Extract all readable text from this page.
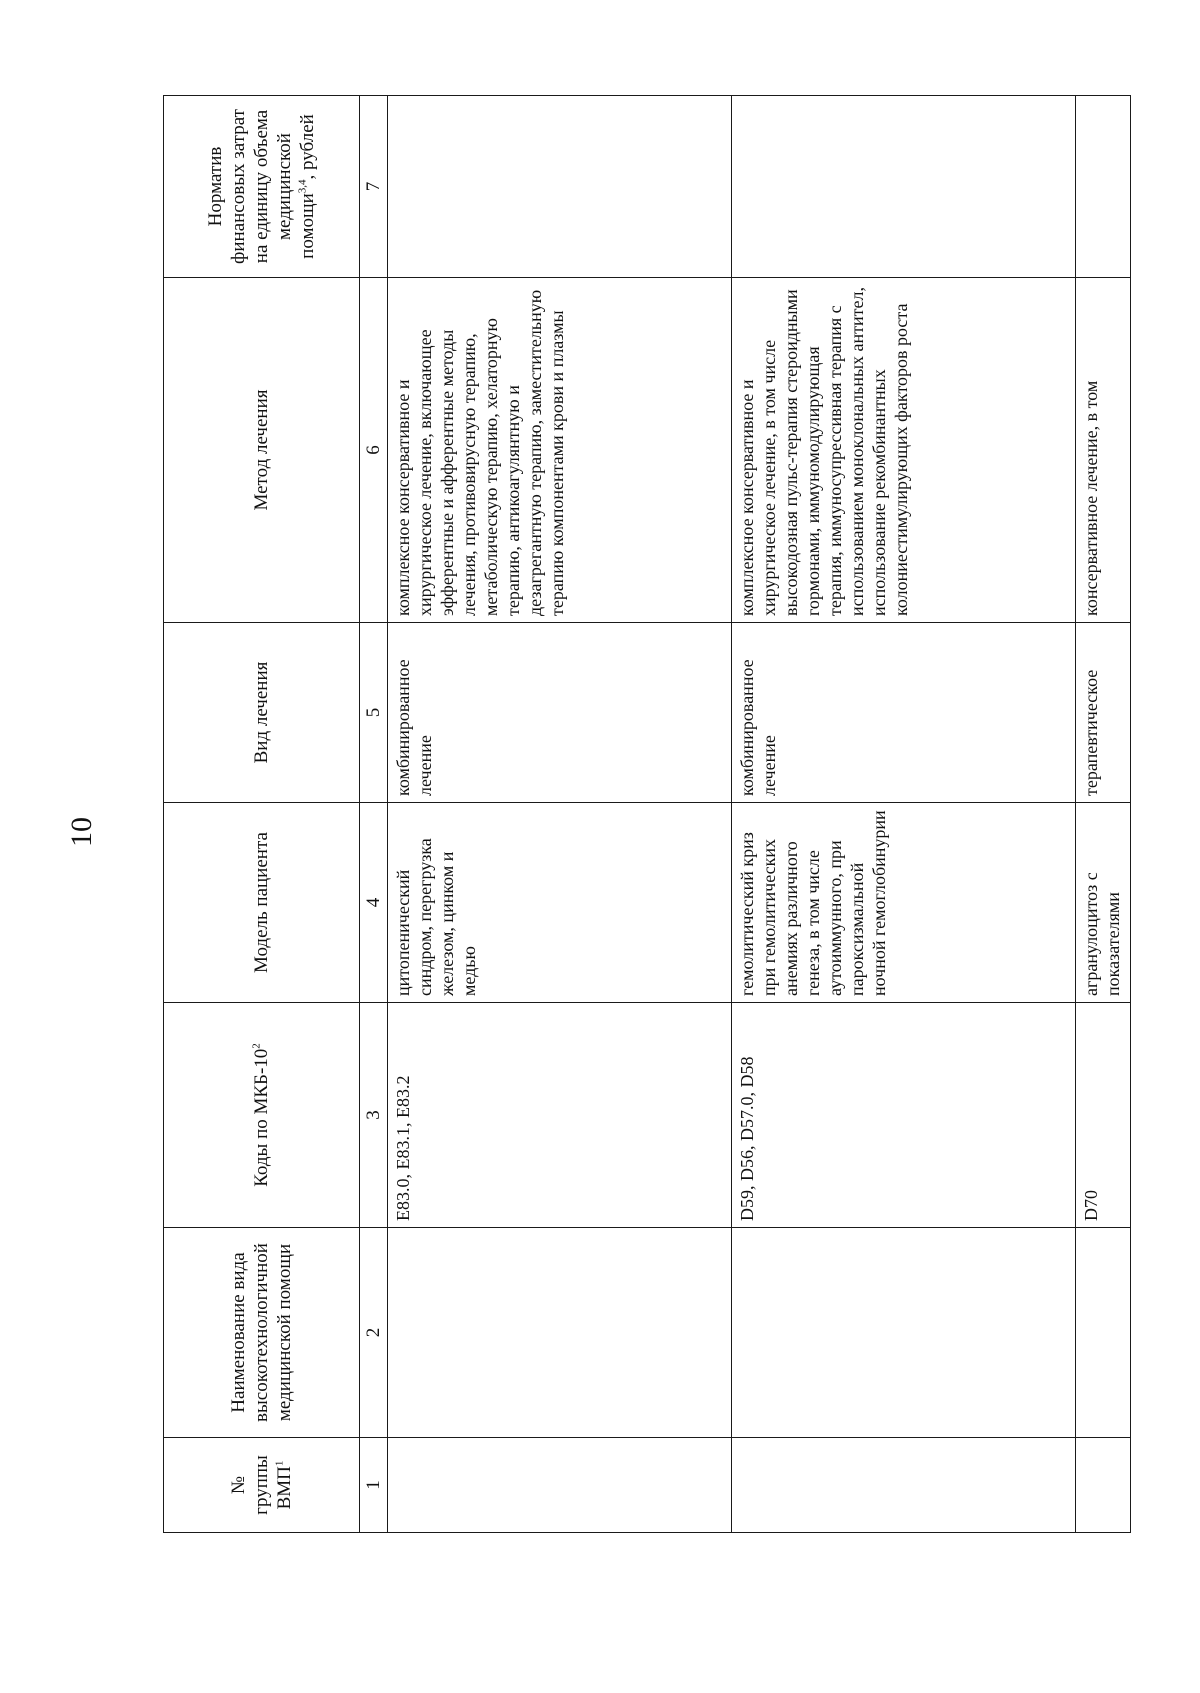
10
№ группы ВМП$^1$	Наименование вида высокотехнологичной медицинской помощи	Коды по МКБ-$10^2$	Модель пациента	Вид лечения	Метод лечения	Норматив финансовых затрат на единицу объема медицинской помощи$^{3,4}$, рублей
1	2	3	4	5	6	7
		E83.0, E83.1, E83.2	цитопенический синдром, перегрузка железом, цинком и медью	комбинированное лечение	комплексное консервативное и хирургическое лечение, включающее эфферентные и афферентные методы лечения, противовирусную терапию, метаболическую терапию, хелаторную терапию, антикоагулянтную и дезагрегантную терапию, заместительную терапию компонентами крови и плазмы	
		D59, D56, D57.0, D58	гемолитический криз при гемолитических анемиях различного генеза, в том числе аутоиммунного, при пароксизмальной ночной гемоглобинурии	комбинированное лечение	комплексное консервативное и хирургическое лечение, в том числе высокодозная пульс-терапия стероидными гормонами, иммуномодулирующая терапия, иммуносупрессивная терапия с использованием моноклональных антител, использование рекомбинантных колониестимулирующих факторов роста	
		D70	агранулоцитоз с показателями	терапевтическое	консервативное лечение, в том	
